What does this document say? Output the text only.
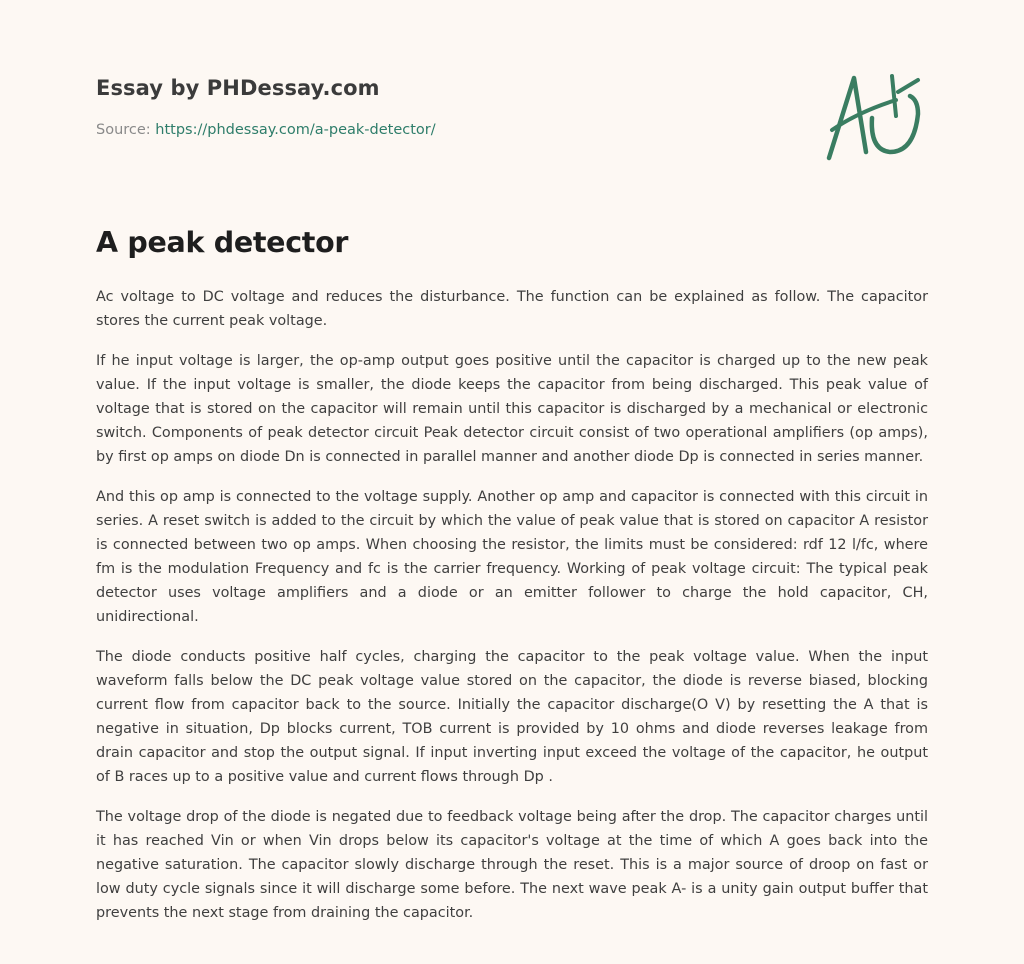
Essay by PHDessay.com
Source: https://phdessay.com/a-peak-detector/
A peak detector

Ac voltage to DC voltage and reduces the disturbance. The function can be explained as follow. The capacitor stores the current peak voltage.

If he input voltage is larger, the op-amp output goes positive until the capacitor is charged up to the new peak value. If the input voltage is smaller, the diode keeps the capacitor from being discharged. This peak value of voltage that is stored on the capacitor will remain until this capacitor is discharged by a mechanical or electronic switch. Components of peak detector circuit Peak detector circuit consist of two operational amplifiers (op amps), by first op amps on diode Dn is connected in parallel manner and another diode Dp is connected in series manner.

And this op amp is connected to the voltage supply. Another op amp and capacitor is connected with this circuit in series. A reset switch is added to the circuit by which the value of peak value that is stored on capacitor A resistor is connected between two op amps. When choosing the resistor, the limits must be considered: rdf 12 l/fc, where fm is the modulation Frequency and fc is the carrier frequency. Working of peak voltage circuit: The typical peak detector uses voltage amplifiers and a diode or an emitter follower to charge the hold capacitor, CH, unidirectional.

The diode conducts positive half cycles, charging the capacitor to the peak voltage value. When the input waveform falls below the DC peak voltage value stored on the capacitor, the diode is reverse biased, blocking current flow from capacitor back to the source. Initially the capacitor discharge(O V) by resetting the A that is negative in situation, Dp blocks current, TOB current is provided by 10 ohms and diode reverses leakage from drain capacitor and stop the output signal. If input inverting input exceed the voltage of the capacitor, he output of B races up to a positive value and current flows through Dp .

The voltage drop of the diode is negated due to feedback voltage being after the drop. The capacitor charges until it has reached Vin or when Vin drops below its capacitor's voltage at the time of which A goes back into the negative saturation. The capacitor slowly discharge through the reset. This is a major source of droop on fast or low duty cycle signals since it will discharge some before. The next wave peak A- is a unity gain output buffer that prevents the next stage from draining the capacitor.
